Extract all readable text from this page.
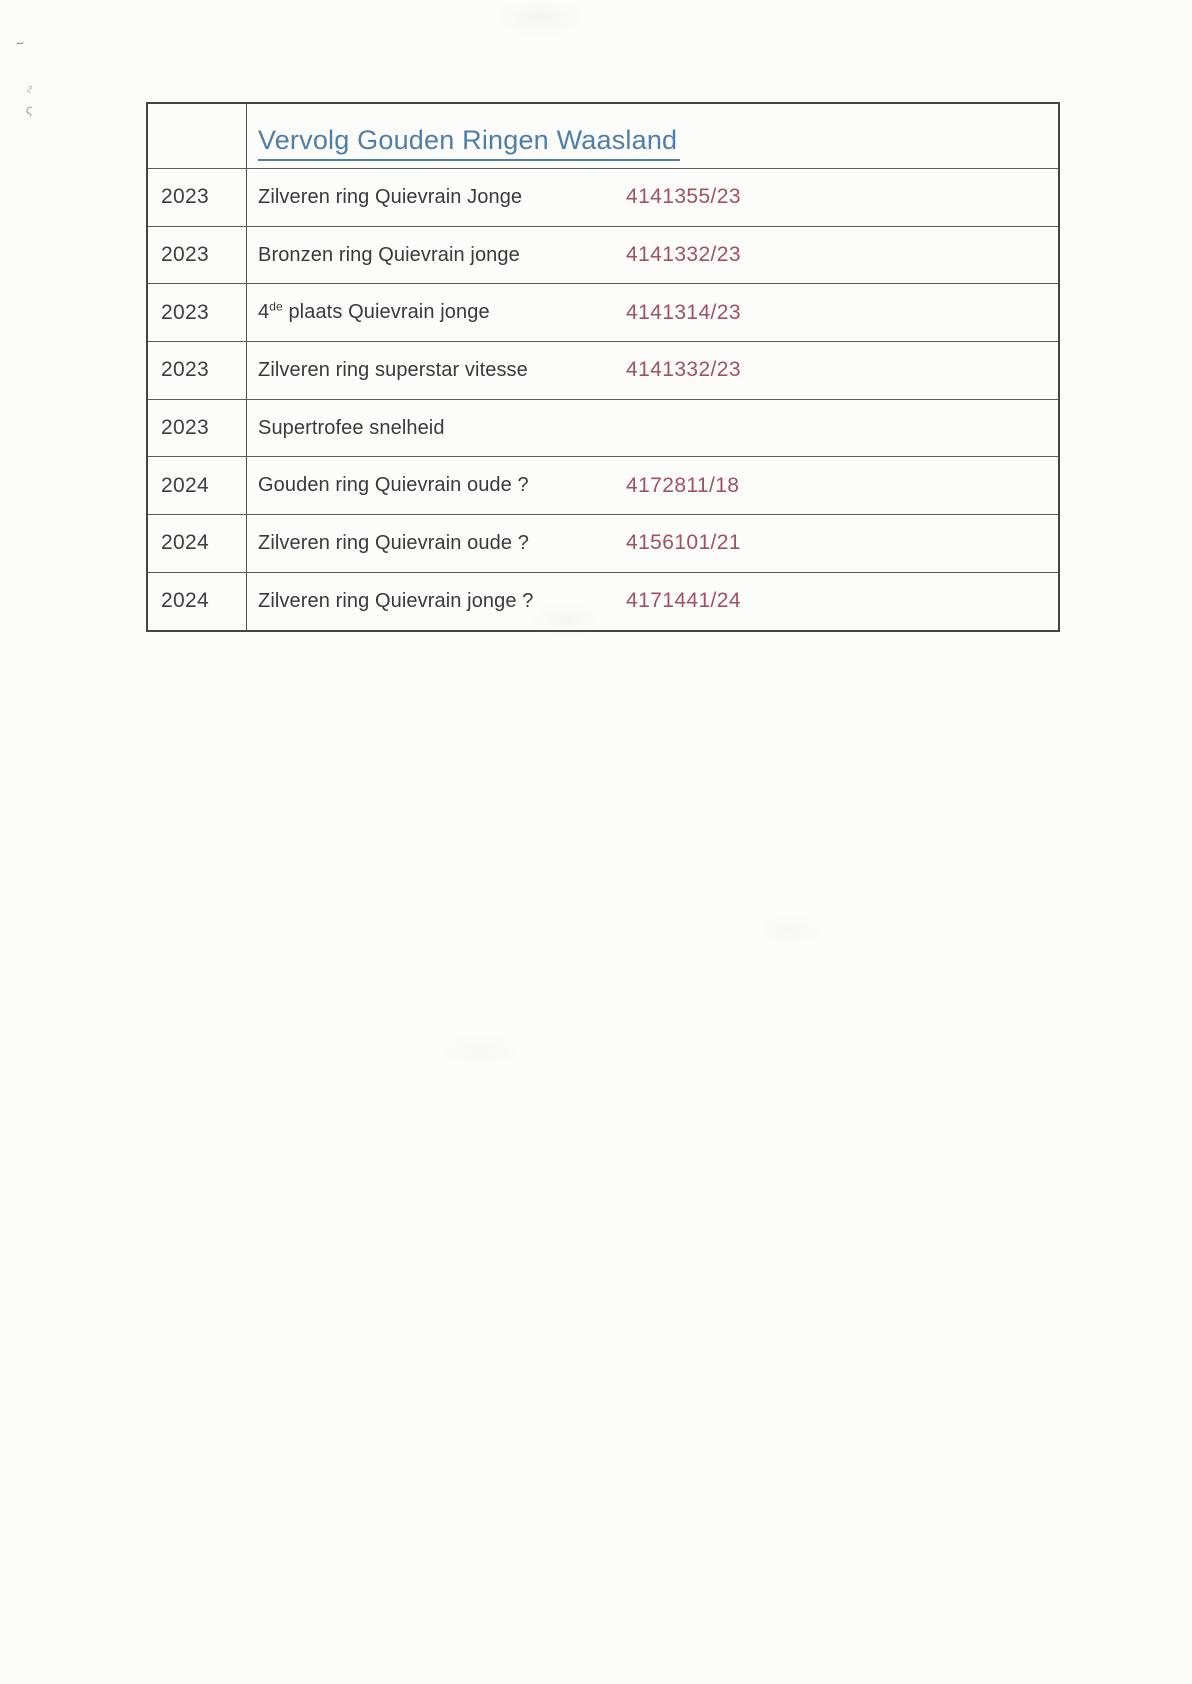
~
∿
ς
Vervolg Gouden Ringen Waasland
2023 Zilveren ring Quievrain Jonge	4141355/23
2023 Bronzen ring Quievrain jonge	4141332/23
2023 4de plaats Quievrain jonge	4141314/23
2023 Zilveren ring superstar vitesse	4141332/23
2023 Supertrofee snelheid
2024 Gouden ring Quievrain oude ?	4172811/18
2024 Zilveren ring Quievrain oude ?	4156101/21
2024 Zilveren ring Quievrain jonge ?	4171441/24
